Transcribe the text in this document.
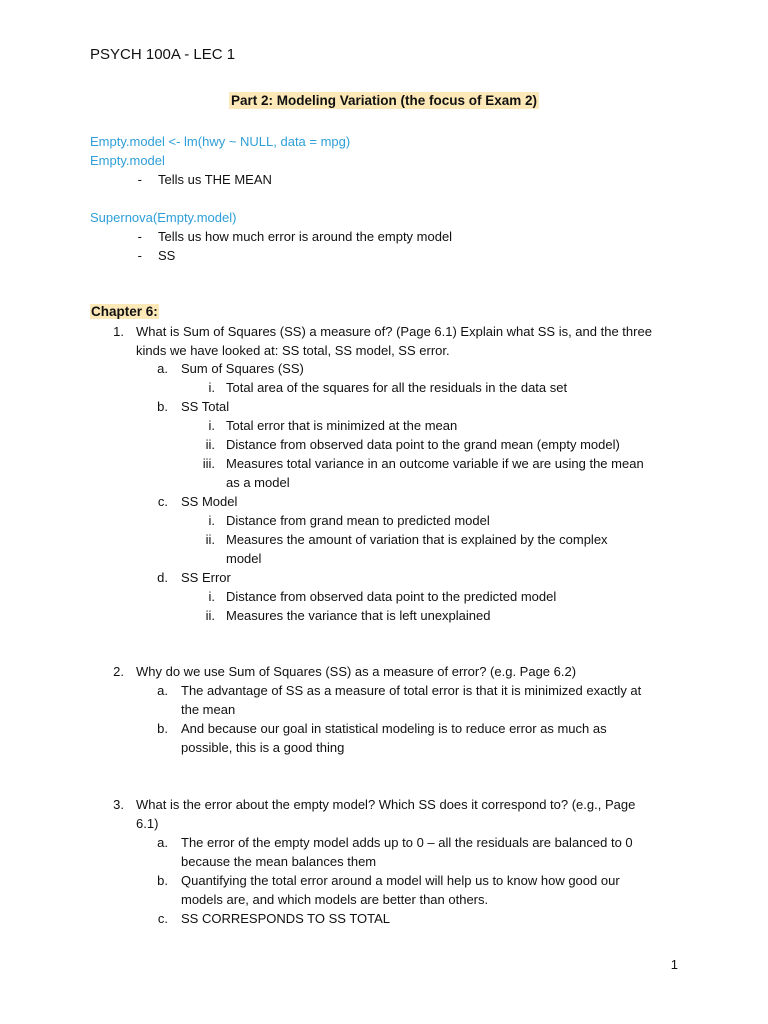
PSYCH 100A - LEC 1
Part 2: Modeling Variation (the focus of Exam 2)
Empty.model <- lm(hwy ~ NULL, data = mpg)
Empty.model
- Tells us THE MEAN
Supernova(Empty.model)
- Tells us how much error is around the empty model
- SS
Chapter 6:
1. What is Sum of Squares (SS) a measure of? (Page 6.1) Explain what SS is, and the three
kinds we have looked at: SS total, SS model, SS error.
a. Sum of Squares (SS)
i. Total area of the squares for all the residuals in the data set
b. SS Total
i. Total error that is minimized at the mean
ii. Distance from observed data point to the grand mean (empty model)
iii. Measures total variance in an outcome variable if we are using the mean
as a model
c. SS Model
i. Distance from grand mean to predicted model
ii. Measures the amount of variation that is explained by the complex
model
d. SS Error
i. Distance from observed data point to the predicted model
ii. Measures the variance that is left unexplained
2. Why do we use Sum of Squares (SS) as a measure of error? (e.g. Page 6.2)
a. The advantage of SS as a measure of total error is that it is minimized exactly at
the mean
b. And because our goal in statistical modeling is to reduce error as much as
possible, this is a good thing
3. What is the error about the empty model? Which SS does it correspond to? (e.g., Page
6.1)
a. The error of the empty model adds up to 0 – all the residuals are balanced to 0
because the mean balances them
b. Quantifying the total error around a model will help us to know how good our
models are, and which models are better than others.
c. SS CORRESPONDS TO SS TOTAL
1
